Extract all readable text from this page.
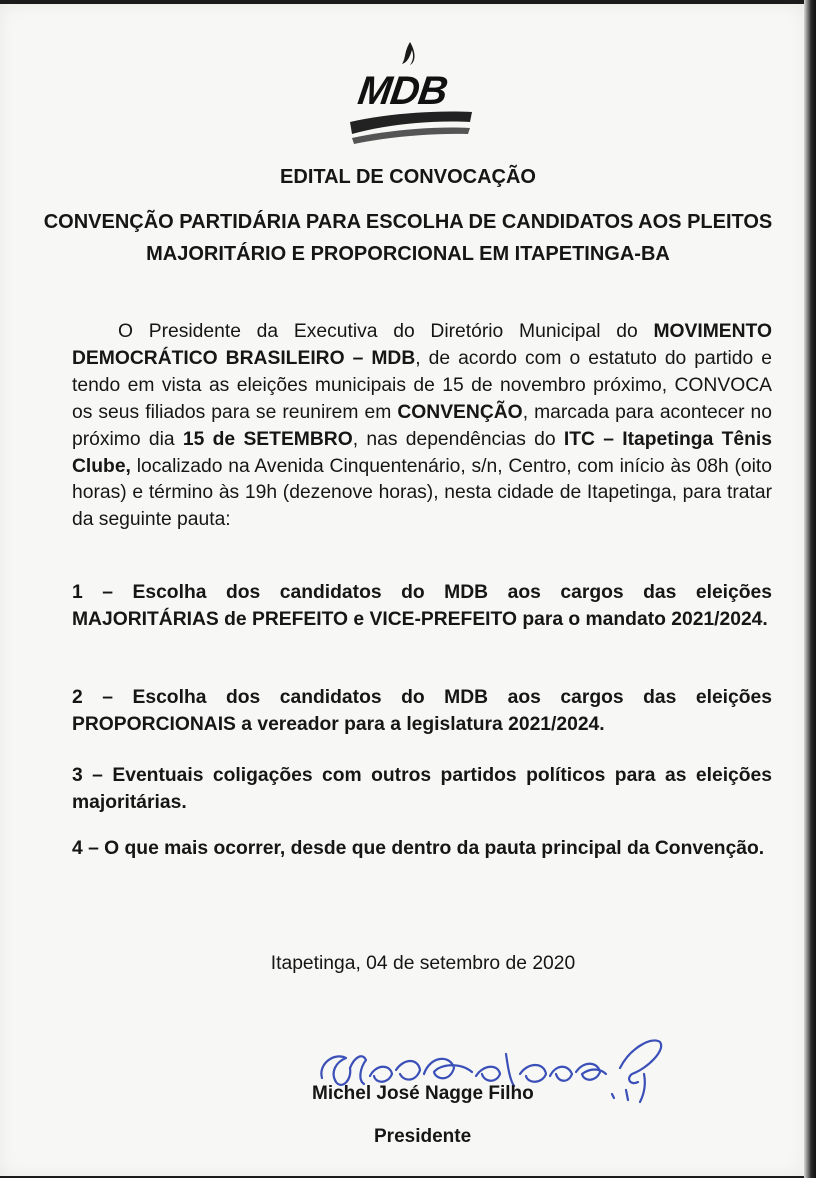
MDB
EDITAL DE CONVOCAÇÃO
CONVENÇÃO PARTIDÁRIA PARA ESCOLHA DE CANDIDATOS AOS PLEITOS
MAJORITÁRIO E PROPORCIONAL EM ITAPETINGA-BA
O Presidente da Executiva do Diretório Municipal do MOVIMENTO DEMOCRÁTICO BRASILEIRO – MDB, de acordo com o estatuto do partido e tendo em vista as eleições municipais de 15 de novembro próximo, CONVOCA os seus filiados para se reunirem em CONVENÇÃO, marcada para acontecer no próximo dia 15 de SETEMBRO, nas dependências do ITC – Itapetinga Tênis Clube, localizado na Avenida Cinquentenário, s/n, Centro, com início às 08h (oito horas) e término às 19h (dezenove horas), nesta cidade de Itapetinga, para tratar da seguinte pauta:
1 – Escolha dos candidatos do MDB aos cargos das eleições MAJORITÁRIAS de PREFEITO e VICE-PREFEITO para o mandato 2021/2024.
2 – Escolha dos candidatos do MDB aos cargos das eleições PROPORCIONAIS a vereador para a legislatura 2021/2024.
3 – Eventuais coligações com outros partidos políticos para as eleições majoritárias.
4 – O que mais ocorrer, desde que dentro da pauta principal da Convenção.
Itapetinga, 04 de setembro de 2020
Michel José Nagge Filho
Presidente
